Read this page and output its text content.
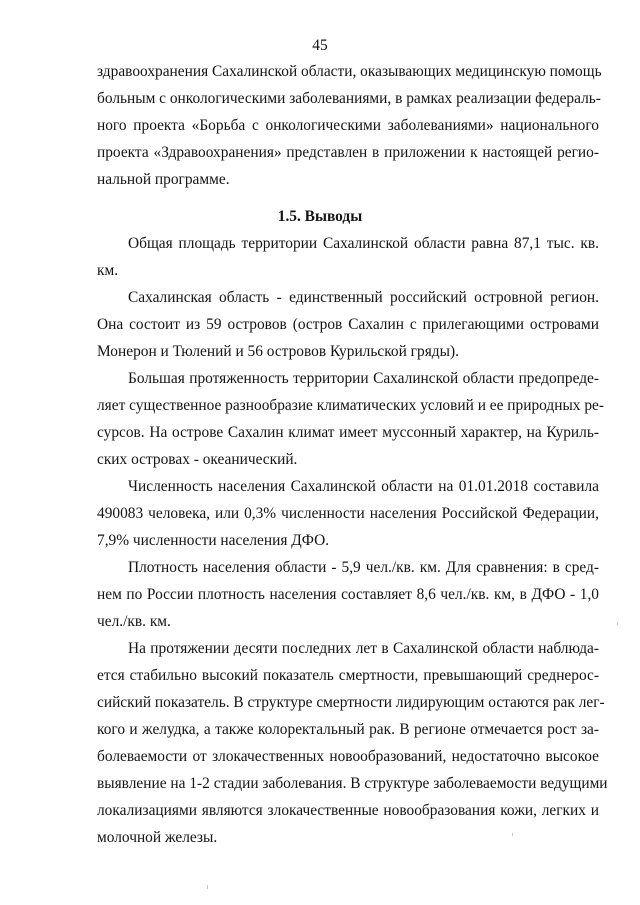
45
здравоохранения Сахалинской области, оказывающих медицинскую помощь
больным с онкологическими заболеваниями, в рамках реализации федераль-
ного проекта «Борьба с онкологическими заболеваниями» национального
проекта «Здравоохранения» представлен в приложении к настоящей регио-
нальной программе.
1.5. Выводы
Общая площадь территории Сахалинской области равна 87,1 тыс. кв.
км.
Сахалинская область - единственный российский островной регион.
Она состоит из 59 островов (остров Сахалин с прилегающими островами
Монерон и Тюлений и 56 островов Курильской гряды).
Большая протяженность территории Сахалинской области предопреде-
ляет существенное разнообразие климатических условий и ее природных ре-
сурсов. На острове Сахалин климат имеет муссонный характер, на Куриль-
ских островах - океанический.
Численность населения Сахалинской области на 01.01.2018 составила
490083 человека, или 0,3% численности населения Российской Федерации,
7,9% численности населения ДФО.
Плотность населения области - 5,9 чел./кв. км. Для сравнения: в сред-
нем по России плотность населения составляет 8,6 чел./кв. км, в ДФО - 1,0
чел./кв. км.
На протяжении десяти последних лет в Сахалинской области наблюда-
ется стабильно высокий показатель смертности, превышающий среднерос-
сийский показатель. В структуре смертности лидирующим остаются рак лег-
кого и желудка, а также колоректальный рак. В регионе отмечается рост за-
болеваемости от злокачественных новообразований, недостаточно высокое
выявление на 1-2 стадии заболевания. В структуре заболеваемости ведущими
локализациями являются злокачественные новообразования кожи, легких и
молочной железы.
